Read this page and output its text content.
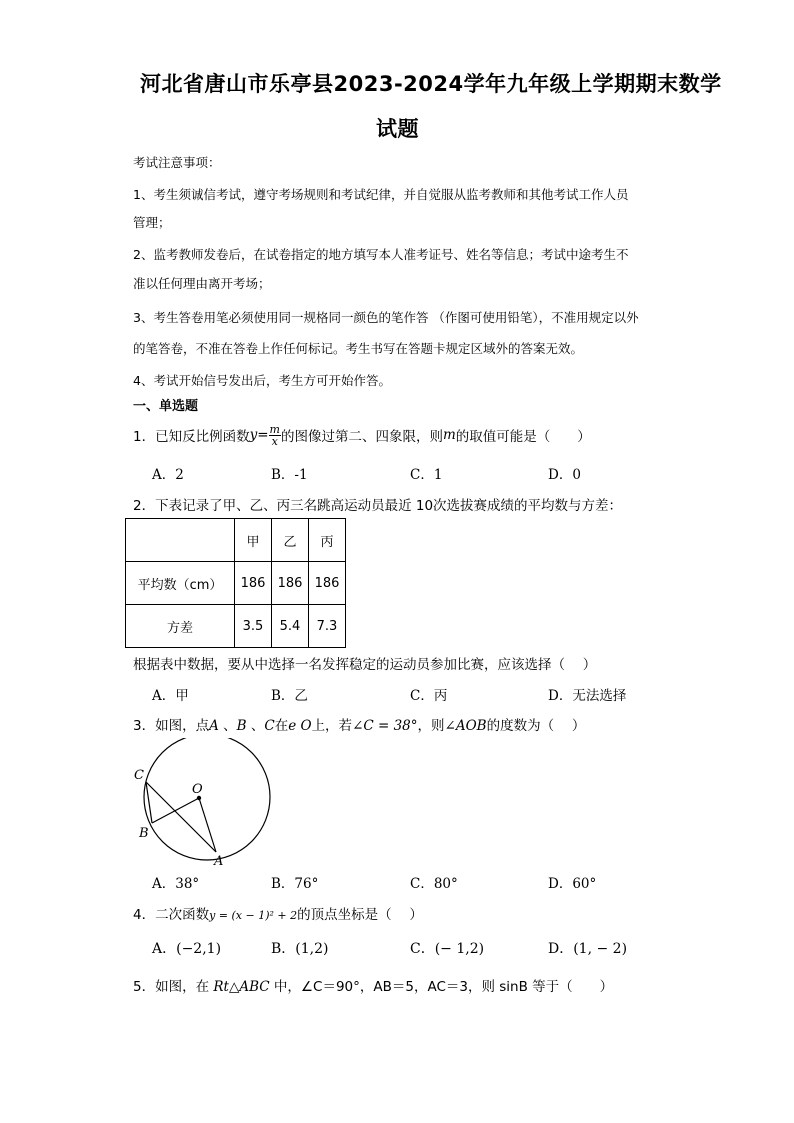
河北省唐山市乐亭县2023-2024学年九年级上学期期末数学
试题
考试注意事项：
1、考生须诚信考试，遵守考场规则和考试纪律，并自觉服从监考教师和其他考试工作人员
管理；
2、监考教师发卷后，在试卷指定的地方填写本人准考证号、姓名等信息；考试中途考生不
准以任何理由离开考场；
3、考生答卷用笔必须使用同一规格同一颜色的笔作答 （作图可使用铅笔），不准用规定以外
的笔答卷，不准在答卷上作任何标记。考生书写在答题卡规定区域外的答案无效。
4、考试开始信号发出后，考生方可开始作答。
一、单选题
1．已知反比例函数 $y = \frac{m}{x}$ 的图像过第二、四象限，则 m 的取值可能是（　　）
A．2	B．-1	C．1	D．0
2．下表记录了甲、乙、丙三名跳高运动员最近 10次选拔赛成绩的平均数与方差：
	甲	乙	丙
平均数（cm）	186	186	186
方差	3.5	5.4	7.3
根据表中数据，要从中选择一名发挥稳定的运动员参加比赛，应该选择（　 ）
A．甲	B．乙	C．丙	D．无法选择
3．如图，点A 、B 、C在e O上，若∠C = 38°，则∠AOB的度数为（　 ）
C
O
B
A
A．38°	B．76°	C．80°	D．60°
4．二次函数y = (x − 1)² + 2的顶点坐标是（　 ）
A．(−2,1)	B．(1,2)	C．(− 1,2)	D．(1, − 2)
5．如图，在 Rt△ABC 中，∠C＝90°，AB＝5，AC＝3，则 sinB 等于（　　）
